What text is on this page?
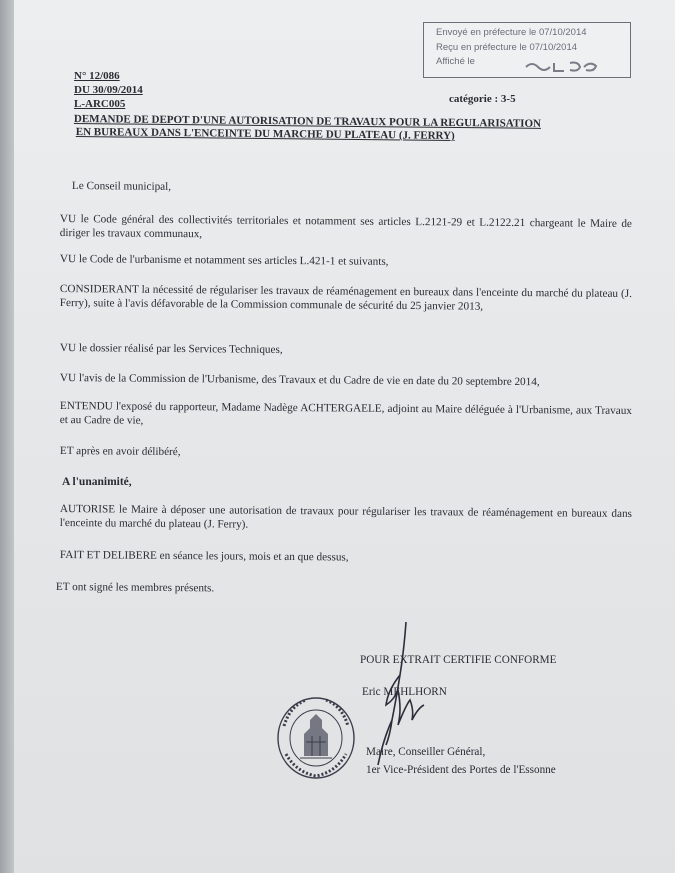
Envoyé en préfecture le 07/10/2014
Reçu en préfecture le 07/10/2014
Affiché le
N° 12/086
DU 30/09/2014
L-ARC005	catégorie : 3-5
DEMANDE DE DEPOT D'UNE AUTORISATION DE TRAVAUX POUR LA REGULARISATION
EN BUREAUX DANS L'ENCEINTE DU MARCHE DU PLATEAU (J. FERRY)
Le Conseil municipal,
VU le Code général des collectivités territoriales et notamment ses articles L.2121-29 et L.2122.21 chargeant le Maire de diriger les travaux communaux,
VU le Code de l'urbanisme et notamment ses articles L.421-1 et suivants,
CONSIDERANT la nécessité de régulariser les travaux de réaménagement en bureaux dans l'enceinte du marché du plateau (J. Ferry), suite à l'avis défavorable de la Commission communale de sécurité du 25 janvier 2013,
VU le dossier réalisé par les Services Techniques,
VU l'avis de la Commission de l'Urbanisme, des Travaux et du Cadre de vie en date du 20 septembre 2014,
ENTENDU l'exposé du rapporteur, Madame Nadège ACHTERGAELE, adjoint au Maire déléguée à l'Urbanisme, aux Travaux et au Cadre de vie,
ET après en avoir délibéré,
A l'unanimité,
AUTORISE le Maire à déposer une autorisation de travaux pour régulariser les travaux de réaménagement en bureaux dans l'enceinte du marché du plateau (J. Ferry).
FAIT ET DELIBERE en séance les jours, mois et an que dessus,
ET ont signé les membres présents.
POUR EXTRAIT CERTIFIE CONFORME
Eric MEHLHORN
Maire, Conseiller Général,
1er Vice-Président des Portes de l'Essonne
